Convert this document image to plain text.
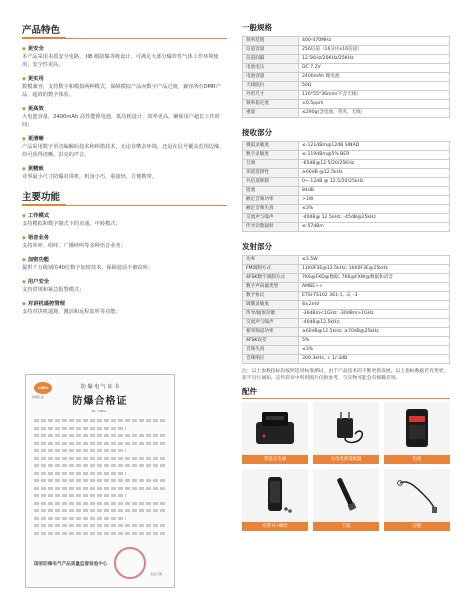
产品特色
◆ 更安全
本产品采用本质安全电路、 IIB 级防爆等级设计，可满足大部分爆炸性气体工作环境使用，安全性更高。
◆ 更实用
数模兼容，支持数字和模拟两种模式，保障模拟产品向数字产品过渡，兼容所有DMR产品，超值的数字体验。
◆ 更高效
大电池容量，2400mAh 高性能锂电池，低功耗设计，效率更高，确保用户超长工作时间；
◆ 更清晰
产品采用数字语音编解码技术和纠错技术，无论在嘈杂环境，还是在信号覆盖范围边缘，均可获得清晰、洪亮的声音。
◆ 更精致
业界最小尺寸防爆对讲机，机身小巧，重量轻，方便携带。
主要功能
◆ 工作模式
支持模拟和数字制式下的直通、中转模式；
◆ 语音业务
支持单呼、组呼、广播呼叫等多种语音业务；
◆ 加密功能
提供千万级别的40位数字加密技术，保障通话不被窃听；
◆ 用户安全
支持常规和紧急报警模式；
◆ 对讲机遥控管理
支持对讲机遥毙、激活和远程监听等功能；
CNEx
防爆认证
防 爆 电 气 证 书
防爆合格证
No. CNEx...
国家防爆电气产品质量监督检验中心
发证日期
一般规格
频率范围	400-470MHz
信道容量	256信道（16分区x16信道）
信道间隔	12.5KHz/20KHz/25KHz
电池电压	DC 7.2V
电池容量	2400mAh 锂电池
天线阻抗	50Ω
外形尺寸	116*55*36mm(不含天线）
频率稳定度	±0.5ppm
重量	≤290g(含电池、背夹、天线）
接收部分
模拟灵敏度	≤-121dBm@12dB SINAD
数字灵敏度	≤-119dBm@5% BER
互调	-65dB@12.5/20/25KHz
邻道选择性	≥60dB @12.5kHz
共信道抑制	0~-12dB @ 12.5/20/25kHz
阻塞	84dB
额定音频功率	>1W
额定音频失真	≤3%
交流声与噪声	-40dB@ 12.5kHz; -45dB@25kHz
传导杂散辐射	≤-57dBm
发射部分
功率	≤3.5W
FM调制方式	11K0F3E@12.5kHz; 16K0F3E@25kHz
4FSK数字调制方式	7K6@FXD@数据; 7K6@FXW@数据和语音
数字声码器类型	AMBE++
数字协议	ETSI-TS102 361-1, -2, -3
调制灵敏度	8±2mV
传导/辐射杂散	-36dBm<1GHz; -30dBm>1GHz
交流声与噪声	-40dB@12.5kHz;
相邻频道功率	≥60dB@12.5kHz; ≥70dB@25kHz
4FSK误差	5%
音频失真	≤3%
音频响应	300-3kHz, + 1/-3dB
注：以上参数指标均按照适用标准测试，由于产品技术的不断更新发展，以上指标数据若有变更，恕不另行通知。宣传彩页中所用图片仅供参考，与实物可能会有细微差别。
配件
智能充电器	充电电源适配器	电池
皮带夹+螺丝	天线	挂绳
